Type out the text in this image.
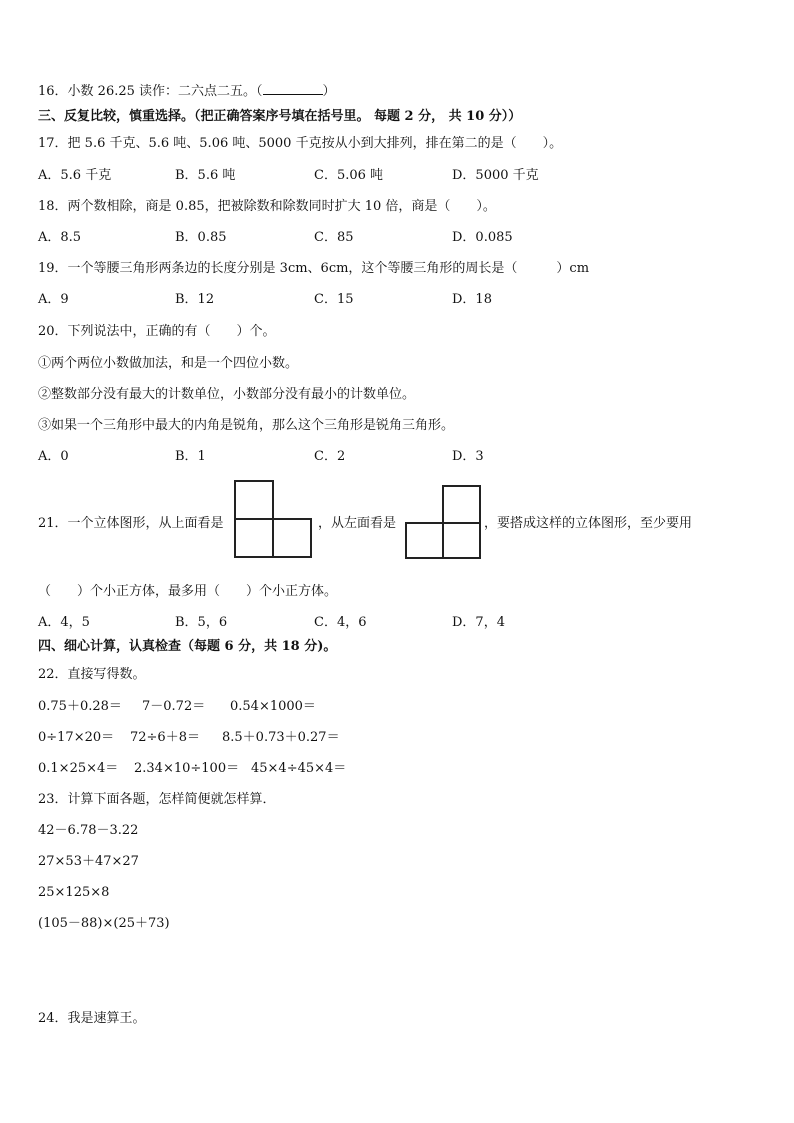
16．小数 26.25 读作：二六点二五。（	）
三、反复比较，慎重选择。（把正确答案序号填在括号里。 每题 2 分， 共 10 分））
17．把 5.6 千克、5.6 吨、5.06 吨、5000 千克按从小到大排列，排在第二的是（　　）。
A．5.6 千克	B．5.6 吨	C．5.06 吨	D．5000 千克
18．两个数相除，商是 0.85，把被除数和除数同时扩大 10 倍，商是（　　）。
A．8.5	B．0.85	C．85	D．0.085
19．一个等腰三角形两条边的长度分别是 3cm、6cm，这个等腰三角形的周长是（　　　）cm
A．9	B．12	C．15	D．18
20．下列说法中，正确的有（　　）个。
①两个两位小数做加法，和是一个四位小数。
②整数部分没有最大的计数单位，小数部分没有最小的计数单位。
③如果一个三角形中最大的内角是锐角，那么这个三角形是锐角三角形。
A．0	B．1	C．2	D．3
21．一个立体图形，从上面看是	，从左面看是	，要搭成这样的立体图形，至少要用
（　　）个小正方体，最多用（　　）个小正方体。
A．4，5	B．5，6	C．4，6	D．7，4
四、细心计算，认真检查（每题 6 分，共 18 分)。
22．直接写得数。
0.75＋0.28＝ 7－0.72＝ 0.54×1000＝
0÷17×20＝ 72÷6＋8＝ 8.5＋0.73＋0.27＝
0.1×25×4＝ 2.34×10÷100＝ 45×4÷45×4＝
23．计算下面各题，怎样简便就怎样算．
42－6.78－3.22
27×53＋47×27
25×125×8
(105－88)×(25＋73)
24．我是速算王。
